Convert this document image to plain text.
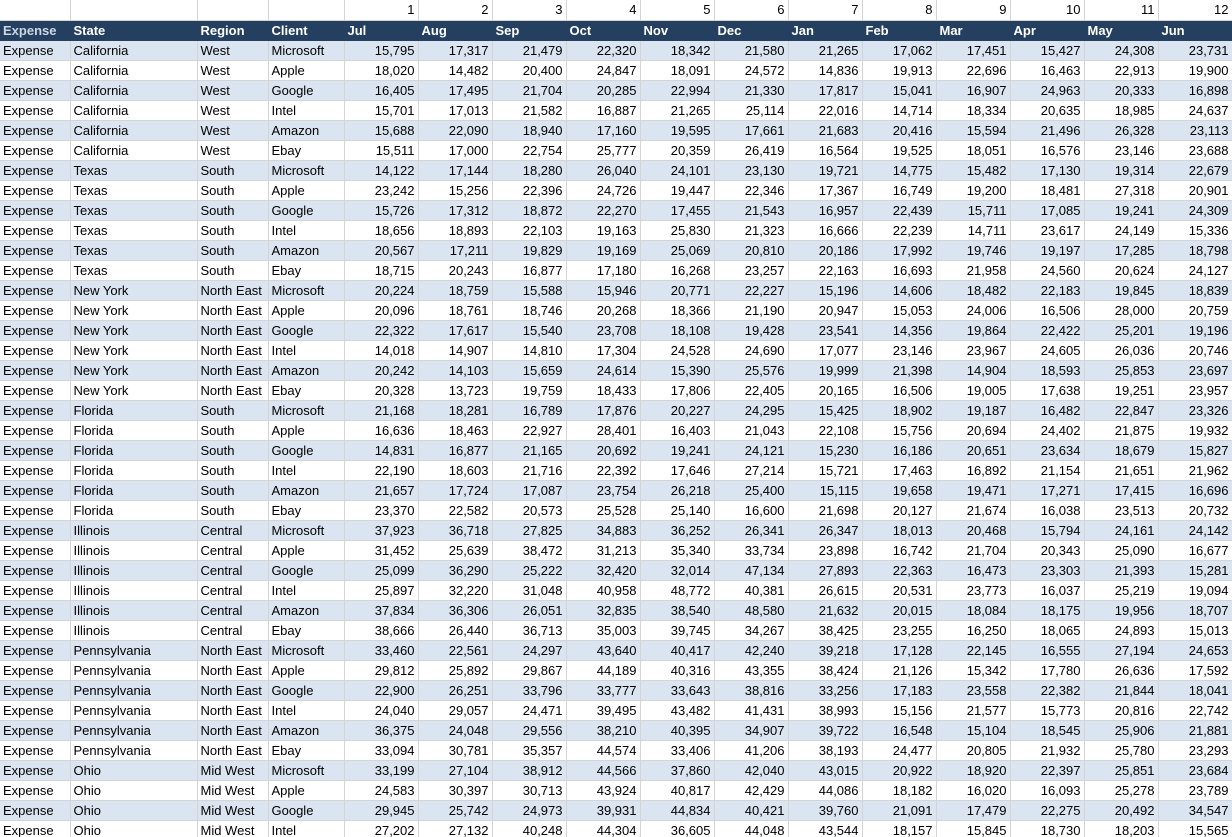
				1	2	3	4	5	6	7	8	9	10	11	12
Expense	State	Region	Client	Jul	Aug	Sep	Oct	Nov	Dec	Jan	Feb	Mar	Apr	May	Jun
Expense	California	West	Microsoft	15,795	17,317	21,479	22,320	18,342	21,580	21,265	17,062	17,451	15,427	24,308	23,731
Expense	California	West	Apple	18,020	14,482	20,400	24,847	18,091	24,572	14,836	19,913	22,696	16,463	22,913	19,900
Expense	California	West	Google	16,405	17,495	21,704	20,285	22,994	21,330	17,817	15,041	16,907	24,963	20,333	16,898
Expense	California	West	Intel	15,701	17,013	21,582	16,887	21,265	25,114	22,016	14,714	18,334	20,635	18,985	24,637
Expense	California	West	Amazon	15,688	22,090	18,940	17,160	19,595	17,661	21,683	20,416	15,594	21,496	26,328	23,113
Expense	California	West	Ebay	15,511	17,000	22,754	25,777	20,359	26,419	16,564	19,525	18,051	16,576	23,146	23,688
Expense	Texas	South	Microsoft	14,122	17,144	18,280	26,040	24,101	23,130	19,721	14,775	15,482	17,130	19,314	22,679
Expense	Texas	South	Apple	23,242	15,256	22,396	24,726	19,447	22,346	17,367	16,749	19,200	18,481	27,318	20,901
Expense	Texas	South	Google	15,726	17,312	18,872	22,270	17,455	21,543	16,957	22,439	15,711	17,085	19,241	24,309
Expense	Texas	South	Intel	18,656	18,893	22,103	19,163	25,830	21,323	16,666	22,239	14,711	23,617	24,149	15,336
Expense	Texas	South	Amazon	20,567	17,211	19,829	19,169	25,069	20,810	20,186	17,992	19,746	19,197	17,285	18,798
Expense	Texas	South	Ebay	18,715	20,243	16,877	17,180	16,268	23,257	22,163	16,693	21,958	24,560	20,624	24,127
Expense	New York	North East	Microsoft	20,224	18,759	15,588	15,946	20,771	22,227	15,196	14,606	18,482	22,183	19,845	18,839
Expense	New York	North East	Apple	20,096	18,761	18,746	20,268	18,366	21,190	20,947	15,053	24,006	16,506	28,000	20,759
Expense	New York	North East	Google	22,322	17,617	15,540	23,708	18,108	19,428	23,541	14,356	19,864	22,422	25,201	19,196
Expense	New York	North East	Intel	14,018	14,907	14,810	17,304	24,528	24,690	17,077	23,146	23,967	24,605	26,036	20,746
Expense	New York	North East	Amazon	20,242	14,103	15,659	24,614	15,390	25,576	19,999	21,398	14,904	18,593	25,853	23,697
Expense	New York	North East	Ebay	20,328	13,723	19,759	18,433	17,806	22,405	20,165	16,506	19,005	17,638	19,251	23,957
Expense	Florida	South	Microsoft	21,168	18,281	16,789	17,876	20,227	24,295	15,425	18,902	19,187	16,482	22,847	23,326
Expense	Florida	South	Apple	16,636	18,463	22,927	28,401	16,403	21,043	22,108	15,756	20,694	24,402	21,875	19,932
Expense	Florida	South	Google	14,831	16,877	21,165	20,692	19,241	24,121	15,230	16,186	20,651	23,634	18,679	15,827
Expense	Florida	South	Intel	22,190	18,603	21,716	22,392	17,646	27,214	15,721	17,463	16,892	21,154	21,651	21,962
Expense	Florida	South	Amazon	21,657	17,724	17,087	23,754	26,218	25,400	15,115	19,658	19,471	17,271	17,415	16,696
Expense	Florida	South	Ebay	23,370	22,582	20,573	25,528	25,140	16,600	21,698	20,127	21,674	16,038	23,513	20,732
Expense	Illinois	Central	Microsoft	37,923	36,718	27,825	34,883	36,252	26,341	26,347	18,013	20,468	15,794	24,161	24,142
Expense	Illinois	Central	Apple	31,452	25,639	38,472	31,213	35,340	33,734	23,898	16,742	21,704	20,343	25,090	16,677
Expense	Illinois	Central	Google	25,099	36,290	25,222	32,420	32,014	47,134	27,893	22,363	16,473	23,303	21,393	15,281
Expense	Illinois	Central	Intel	25,897	32,220	31,048	40,958	48,772	40,381	26,615	20,531	23,773	16,037	25,219	19,094
Expense	Illinois	Central	Amazon	37,834	36,306	26,051	32,835	38,540	48,580	21,632	20,015	18,084	18,175	19,956	18,707
Expense	Illinois	Central	Ebay	38,666	26,440	36,713	35,003	39,745	34,267	38,425	23,255	16,250	18,065	24,893	15,013
Expense	Pennsylvania	North East	Microsoft	33,460	22,561	24,297	43,640	40,417	42,240	39,218	17,128	22,145	16,555	27,194	24,653
Expense	Pennsylvania	North East	Apple	29,812	25,892	29,867	44,189	40,316	43,355	38,424	21,126	15,342	17,780	26,636	17,592
Expense	Pennsylvania	North East	Google	22,900	26,251	33,796	33,777	33,643	38,816	33,256	17,183	23,558	22,382	21,844	18,041
Expense	Pennsylvania	North East	Intel	24,040	29,057	24,471	39,495	43,482	41,431	38,993	15,156	21,577	15,773	20,816	22,742
Expense	Pennsylvania	North East	Amazon	36,375	24,048	29,556	38,210	40,395	34,907	39,722	16,548	15,104	18,545	25,906	21,881
Expense	Pennsylvania	North East	Ebay	33,094	30,781	35,357	44,574	33,406	41,206	38,193	24,477	20,805	21,932	25,780	23,293
Expense	Ohio	Mid West	Microsoft	33,199	27,104	38,912	44,566	37,860	42,040	43,015	20,922	18,920	22,397	25,851	23,684
Expense	Ohio	Mid West	Apple	24,583	30,397	30,713	43,924	40,817	42,429	44,086	18,182	16,020	16,093	25,278	23,789
Expense	Ohio	Mid West	Google	29,945	25,742	24,973	39,931	44,834	40,421	39,760	21,091	17,479	22,275	20,492	34,547
Expense	Ohio	Mid West	Intel	27,202	27,132	40,248	44,304	36,605	44,048	43,544	18,157	15,845	18,730	18,203	15,565
